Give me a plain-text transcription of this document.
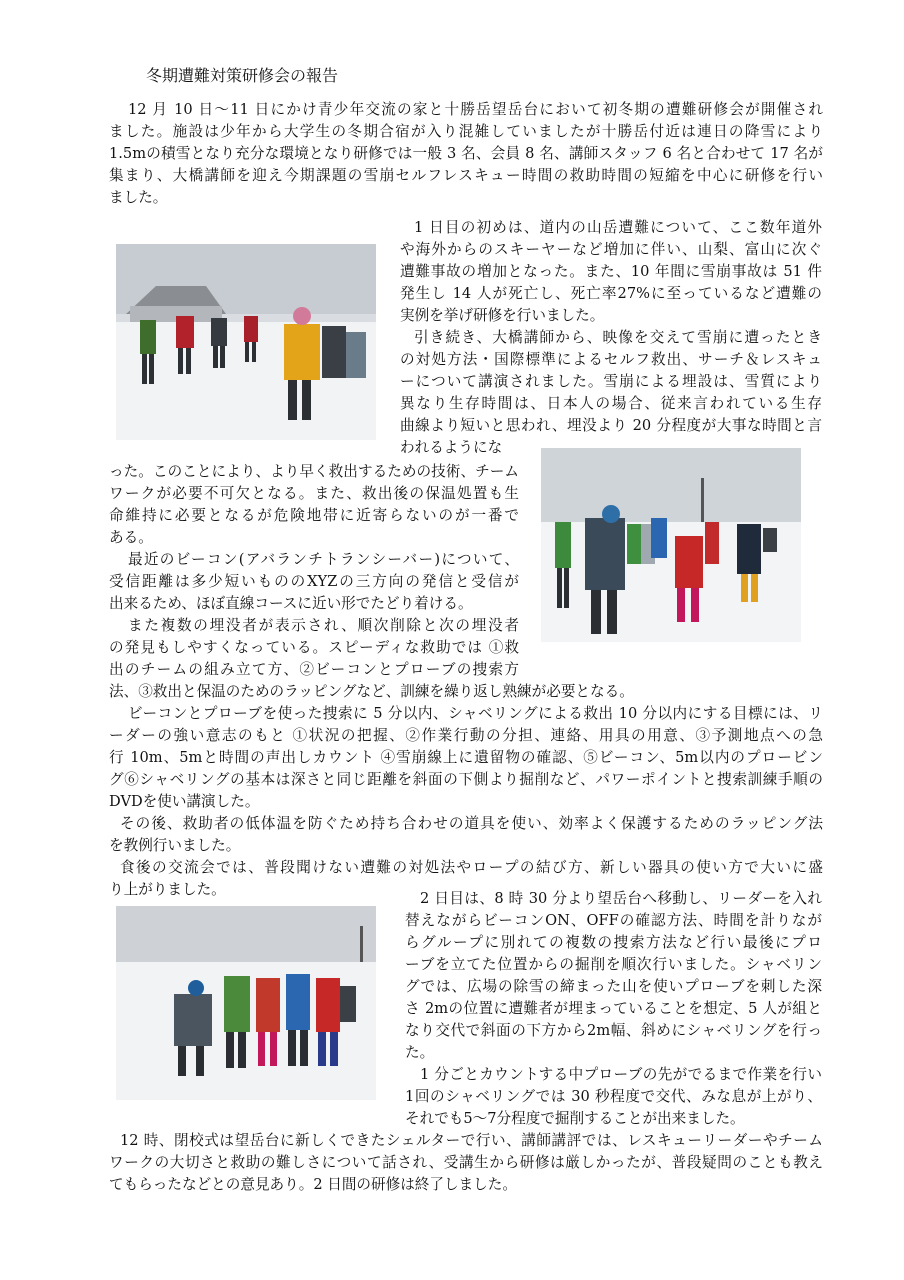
冬期遭難対策研修会の報告
12 月 10 日〜11 日にかけ青少年交流の家と十勝岳望岳台において初冬期の遭難研修会が開催され
ました。施設は少年から大学生の冬期合宿が入り混雑していましたが十勝岳付近は連日の降雪により
1.5mの積雪となり充分な環境となり研修では一般 3 名、会員 8 名、講師スタッフ 6 名と合わせて 17 名が
集まり、大橋講師を迎え今期課題の雪崩セルフレスキュー時間の救助時間の短縮を中心に研修を行い
ました。
1 日目の初めは、道内の山岳遭難について、ここ数年道外
や海外からのスキーヤーなど増加に伴い、山梨、富山に次ぐ
遭難事故の増加となった。また、10 年間に雪崩事故は 51 件
発生し 14 人が死亡し、死亡率27%に至っているなど遭難の
実例を挙げ研修を行いました。
引き続き、大橋講師から、映像を交えて雪崩に遭ったとき
の対処方法・国際標準によるセルフ救出、サーチ＆レスキュ
ーについて講演されました。雪崩による埋設は、雪質により
異なり生存時間は、日本人の場合、従来言われている生存
曲線より短いと思われ、埋没より 20 分程度が大事な時間と言
われるようにな
った。このことにより、より早く救出するための技術、チーム
ワークが必要不可欠となる。また、救出後の保温処置も生
命維持に必要となるが危険地帯に近寄らないのが一番で
ある。
最近のビーコン(アバランチトランシーバー)について、
受信距離は多少短いもののXYZの三方向の発信と受信が
出来るため、ほぼ直線コースに近い形でたどり着ける。
また複数の埋没者が表示され、順次削除と次の埋没者
の発見もしやすくなっている。スピーディな救助では ①救
出のチームの組み立て方、②ビーコンとプローブの捜索方
法、③救出と保温のためのラッピングなど、訓練を繰り返し熟練が必要となる。
ビーコンとプローブを使った捜索に 5 分以内、シャベリングによる救出 10 分以内にする目標には、リ
ーダーの強い意志のもと ①状況の把握、②作業行動の分担、連絡、用具の用意、③予測地点への急
行 10m、5mと時間の声出しカウント ④雪崩線上に遺留物の確認、⑤ビーコン、5m以内のプロービン
グ⑥シャベリングの基本は深さと同じ距離を斜面の下側より掘削など、パワーポイントと捜索訓練手順の
DVDを使い講演した。
その後、救助者の低体温を防ぐため持ち合わせの道具を使い、効率よく保護するためのラッピング法
を教例行いました。
食後の交流会では、普段聞けない遭難の対処法やロープの結び方、新しい器具の使い方で大いに盛
り上がりました。
2 日目は、8 時 30 分より望岳台へ移動し、リーダーを入れ
替えながらビーコンON、OFFの確認方法、時間を計りなが
らグループに別れての複数の捜索方法など行い最後にプロ
ーブを立てた位置からの掘削を順次行いました。シャベリン
グでは、広場の除雪の締まった山を使いプローブを刺した深
さ 2mの位置に遭難者が埋まっていることを想定、5 人が組と
なり交代で斜面の下方から2m幅、斜めにシャベリングを行っ
た。
1 分ごとカウントする中プローブの先がでるまで作業を行い
1回のシャベリングでは 30 秒程度で交代、みな息が上がり、
それでも5〜7分程度で掘削することが出来ました。
12 時、閉校式は望岳台に新しくできたシェルターで行い、講師講評では、レスキューリーダーやチーム
ワークの大切さと救助の難しさについて話され、受講生から研修は厳しかったが、普段疑問のことも教え
てもらったなどとの意見あり。2 日間の研修は終了しました。
